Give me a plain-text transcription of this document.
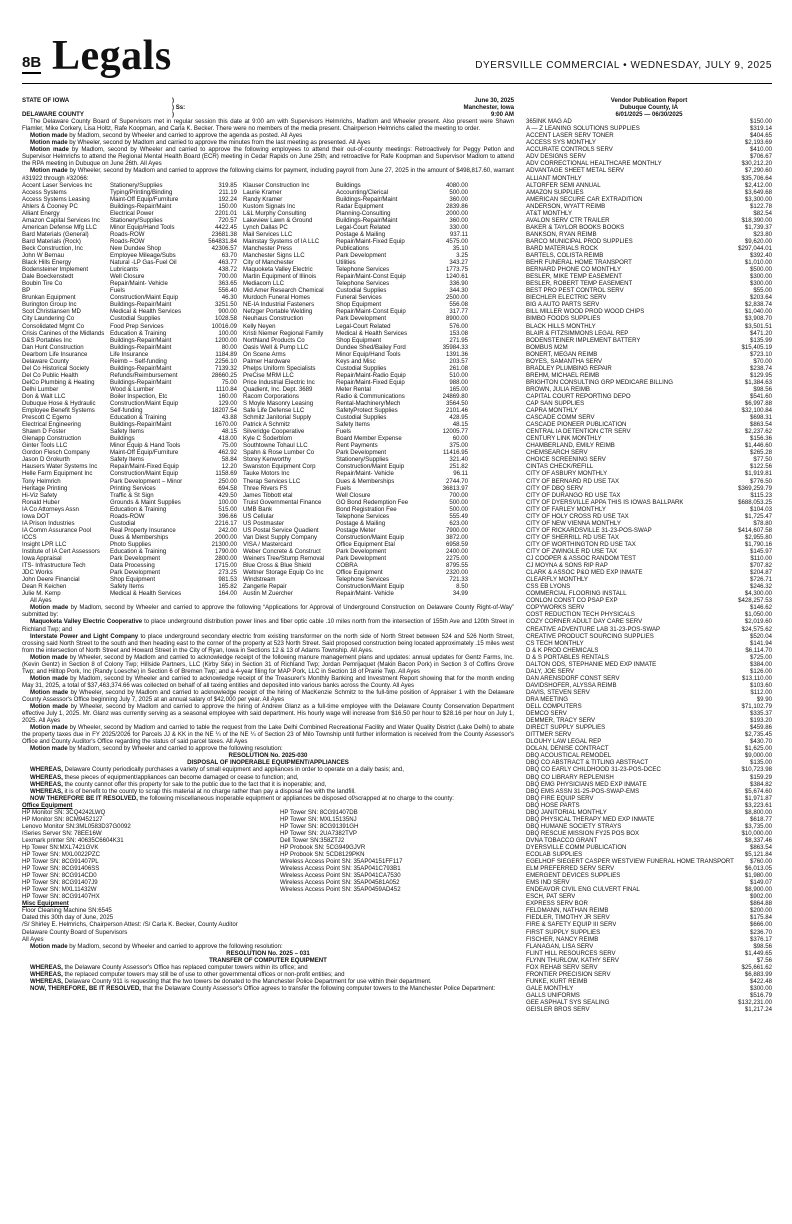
8B Legals	DYERSVILLE COMMERCIAL • WEDNESDAY, JULY 9, 2025
STATE OF IOWA	)	June 30, 2025
) Ss:	Manchester, Iowa
DELAWARE COUNTY	)	9:00 AM

The Delaware County Board of Supervisors met in regular session this date at 9:00 am with Supervisors Helmrichs, Madlom and Wheeler present. Also present were Shawn Flamler, Mike Corkery, Lisa Holtz, Rafe Koopman, and Carla K. Becker. There were no members of the media present. Chairperson Helmrichs called the meeting to order.

Motion made by Madlom, second by Wheeler and carried to approve the agenda as posted. All Ayes

Motion made by Wheeler, second by Madlom and carried to approve the minutes from the last meeting as presented. All Ayes

Motion made by Madlom, second by Wheeler and carried to approve the following employees to attend their out-of-county meetings: Retroactively for Peggy Petlon and Supervisor Helmrichs to attend the Regional Mental Health Board (ECR) meeting in Cedar Rapids on June 25th; and retroactive for Rafe Koopman and Supervisor Madlom to attend the RPA meeting in Dubuque on June 26th. All Ayes

Motion made by Wheeler, second by Madlom and carried to approve the following claims for payment, including payroll from June 27, 2025 in the amount of $498,817.60, warrant #31922 through #32066:

Accent Laser Services Inc	Stationery/Supplies	319.85 Klauser Construction Inc	Buildings	4080.00
Access Systems	Typing/Printing/Binding	211.19 Laurie Kramer	Accounting/Clerical	500.00
Access Systems Leasing	Maint-Off Equip/Furniture	192.24 Randy Kramer	Buildings-Repair/Maint	360.00
Ahlers & Cooney PC	Buildings-Repair/Maint	150.00 Kustom Signals Inc	Radar Equipment	2839.86
Alliant Energy	Electrical Power	2201.01 L&L Murphy Consulting	Planning-Consulting	2000.00
Amazon Capital Services Inc	Stationery/Supplies	720.57 Lakeview Lawn & Ground	Buildings-Repair/Maint	360.00
American Defense Mfg LLC	Minor Equip/Hand Tools	4422.45 Lynch Dallas PC	Legal-Court Related	330.00
Bard Materials (General)	Roads-ROW	23681.38 Mail Services LLC	Postage & Mailing	937.11
Bard Materials (Rock)	Roads-ROW	564831.84 Mainstay Systems of IA LLC	Repair/Maint-Fixed Equip	4575.00
Beck Construction, Inc	New Dundee Shop	42306.57 Manchester Press	Publications	35.10
John W Bernau	Employee Mileage/Subs	63.70 Manchester Signs LLC	Park Development	3.25
Black Hills Energy	Natural -LP Gas-Fuel Oil	463.77 City of Manchester	Utilities	343.27
Bodensteiner Implement	Lubricants	438.72 Maquoketa Valley Electric	Telephone Services	1773.75
Dale Boeckenstedt	Well Closure	700.00 Martin Equipment of Illinois	Repair/Maint-Const Equip	1240.61
Boubin Tire Co	Repair/Maint- Vehicle	363.65 Mediacom LLC	Telephone Services	336.90
BP	Fuels	556.40 Mid Amer Research Chemical	Custodial Supplies	344.30
Brunkan Equipment	Construction/Maint Equip	46.30 Murdoch Funeral Homes	Funeral Services	2500.00
Burington Group Inc	Buildings-Repair/Maint	3251.50 NE-IA Industrial Fasteners	Shop Equipment	556.08
Scot Christiansen MD	Medical & Health Services	900.00 Nefzger Portable Welding	Repair/Maint-Const Equip	317.77
City Laundering Co	Custodial Supplies	1028.58 Neuhaus Construction	Park Development	8900.00
Consolidated Mgmt Co	Food Prep Services	10016.09 Kelly Neyen	Legal-Court Related	576.00
Crisis Canines of the Midlands Education & Training	100.00 Kristi Niemer Regional Family	Medical & Health Services	153.08
D&S Portables Inc	Buildings-Repair/Maint	1200.00 Northland Products Co	Shop Equipment	271.95
Dan Hunt Construction	Buildings-Repair/Maint	80.00 Oasis Well & Pump LLC	Dundee Shed/Bailey Ford	35984.33
Dearborn Life Insurance	Life Insurance	1184.89 On Scene Arms	Minor Equip/Hand Tools	1391.36
Delaware County	Reimb – Self-funding	2256.10 Palmer Hardware	Keys and Misc	203.57
Del Co Historical Society	Buildings-Repair/Maint	7139.32 Phelps Uniform Specialists	Custodial Supplies	261.08
Del Co Public Health	Refunds/Reimbursement	28660.25 PreCise MRM LLC	Repair/Maint-Radio Equip	510.00
DelCo Plumbing & Heating	Buildings-Repair/Maint	75.00 Price Industrial Electric Inc	Repair/Maint-Fixed Equip	988.00
Delhi Lumber	Wood & Lumber	1110.84 Quadient, Inc. Dept. 3689	Meter Rental	165.00
Don & Walt LLC	Boiler Inspection, Etc	160.00 Racom Corporations	Radio & Communications	24869.80
Dubuque Hose & Hydraulic	Construction/Maint Equip	129.00 S Moyle Masonry Leasing	Rental-Machinery/Mech	3564.50
Employee Benefit Systems	Self-funding	18207.54 Safe Life Defense LLC	SafetyProtect Supplies	2101.46
Prescott C Egemo	Education & Training	43.88 Schmitz Janitorial Supply	Custodial Supplies	428.95
Electrical Engineering	Buildings-Repair/Maint	1670.00 Patrick A Schmitz	Safety Items	48.15
Shawn D Foster	Safety Items	48.15 Silveridge Cooperative	Fuels	12005.77
Glenapp Construction	Buildings	418.00 Kyle C Soderblom	Board Member Expense	60.00
Ginter Tools LLC	Minor Equip & Hand Tools	75.00 Southtowne Tohaul LLC	Rent Payments	375.00
Gordon Flesch Company	Maint-Off Equip/Furniture	462.92 Spahn & Rose Lumber Co	Park Development	11416.95
Jason D Grokurth	Safety Items	58.84 Storey Kenworthy	Stationery/Supplies	321.40
Hausers Water Systems Inc	Repair/Maint-Fixed Equip	12.20 Swanston Equipment Corp	Construction/Maint Equip	251.82
Helle Farm Equipment Inc	Construction/Maint Equip	1158.69 Tauke Motors Inc	Repair/Maint- Vehicle	96.11
Tony Helmrich	Park Development – Minor	250.00 Therap Services LLC	Dues & Memberships	2744.70
Heritage Printing	Printing Services	694.58 Three Rivers FS	Fuels	36813.97
Hi-Viz Safety	Traffic & St Sign	429.50 James Tibbott etal	Well Closure	700.00
Ronald Huber	Grounds & Maint Supplies	100.00 Truist Governmental Finance	GO Bond Redemption Fee	500.00
IA Co Attorneys Assn	Education & Training	515.00 UMB Bank	Bond Registration Fee	500.00
Iowa DOT	Roads-ROW	396.66 US Cellular	Telephone Services	555.49
IA Prison Industries	Custodial	2216.17 US Postmaster	Postage & Mailing	623.00
IA Comm Assurance Pool	Real Property Insurance	242.00 US Postal Service Quadient	Postage Meter	7900.00
ICCS	Dues & Memberships	2000.00 Van Diest Supply Company	Construction/Maint Equip	3872.00
Insight LPR LLC	Photo Supplies	21300.00 VISA / Mastercard	Office Equipment Etal	6958.59
Institute of IA Cert Assessors	Education & Training	1790.00 Weber Concrete & Construct	Park Development	2400.00
Iowa Appraisal	Park Development	2800.00 Weiners Tree/Stump Removal	Park Development	2275.00
ITS- Infrastructure Tech	Data Processing	1715.00 Blue Cross & Blue Shield	COBRA	8795.55
JDC Works	Park Development	273.25 Weltner Storage Equip Co Inc	Office Equipment	2320.00
John Deere Financial	Shop Equipment	981.53 Windstream	Telephone Services	721.33
Dean R Keichen	Safety Items	165.82 Zangerle Repair	Construction/Maint Equip	8.50
Julie M. Kemp	Medical & Health Services	164.00 Austin M Zuercher	Repair/Maint- Vehicle	34.99
All Ayes

Motion made by Madlom, second by Wheeler and carried to approve the following “Applications for Approval of Underground Construction on Delaware County Right-of-Way” submitted by:

Maquoketa Valley Electric Cooperative to place underground distribution power lines and fiber optic cable .10 miles north from the intersection of 155th Ave and 120th Street in Richland Twp; and

Interstate Power and Light Company to place underground secondary electric from existing transformer on the north side of North Street between 524 and 526 North Street, crossing said North Street to the south and then heading east to the corner of the property at 523 North Street. Said proposed construction being located approximately .15 miles west from the intersection of North Street and Howard Street in the City of Ryan, Iowa in Sections 12 & 13 of Adams Township. All Ayes.

Motion made by Wheeler, second by Madlom and carried to acknowledge receipt of the following manure management plans and updates: annual updates for Gentz Farms, Inc. (Kevin Gentz) in Section 8 of Colony Twp; Hillside Partners, LLC (Kirby Site) in Section 31 of Richland Twp; Jordan Pemrijaquet (Makin Bacon Pork) in Section 3 of Coffins Grove Twp; and Hilltop Pork, Inc (Randy Loesche) in Section 6 of Bremen Twp; and a 4-year filing for MAP Pork, LLC in Section 18 of Prairie Twp. All Ayes

Motion made by Madlom, second by Wheeler and carried to acknowledge receipt of the Treasurer's Monthly Banking and Investment Report showing that for the month ending May 31, 2025, a total of $37,463,374.66 was collected on behalf of all taxing entities and deposited into various banks across the County. All Ayes

Motion made by Wheeler, second by Madlom and carried to acknowledge receipt of the hiring of MacKenzie Schmitz to the full-time position of Appraiser 1 with the Delaware County Assessor's Office beginning July 7, 2025 at an annual salary of $42,000 per year. All Ayes

Motion made by Wheeler, second by Madlom and carried to approve the hiring of Andrew Glanz as a full-time employee with the Delaware County Conservation Department effective July 1, 2025. Mr. Glanz was currently serving as a seasonal employee with said department. His hourly wage will increase from $16.50 per hour to $28.16 per hour on July 1, 2025. All Ayes

Motion made by Wheeler, second by Madlom and carried to table the request from the Lake Delhi Combined Recreational Facility and Water Quality District (Lake Delhi) to abate the property taxes due in FY 2025/2026 for Parcels JJ & KK in the NE ¼ of the NE ¼ of Section 23 of Milo Township until further information is received from the County Assessor's Office and County Auditor's Office regarding the status of said parcel taxes. All Ayes

Motion made by Madlom, second by Wheeler and carried to approve the following resolution:

RESOLUTION No. 2025-030
DISPOSAL OF INOPERABLE EQUIPMENT/APPLIANCES

WHEREAS, Delaware County periodically purchases a variety of small equipment and appliances in order to operate on a daily basis; and,

WHEREAS, these pieces of equipment/appliances can become damaged or cease to function; and,

WHEREAS, the county cannot offer this property for sale to the public due to the fact that it is inoperable; and,

WHEREAS, it is of benefit to the county to scrap this material at no charge rather than pay a disposal fee with the landfill.

NOW THEREFORE BE IT RESOLVED, the following miscellaneous inoperable equipment or appliances be disposed of/scrapped at no charge to the county:

Office Equipment
HP Monitor SN: 3CQ4242LWQ
HP Monitor SN: 8CM9452127
Lenovo Monitor SN:3ML0583D37G0092
ISeries Server SN: 78EE16W
Lexmark printer SN: 40635C6604K31
Hp Tower SN:MXL7421GVK
HP Tower SN: MXL0022PZC
HP Tower SN: 8CG91407PL
HP Tower SN: 8CG91406SS
HP Tower SN: 8CG914CD0
HP Tower SN: 8CG91407J9
HP Tower SN: MXL11432W
HP Tower SN: 8CG91407HX
HP Tower SN: 8CG91407DB
HP Tower SN: MXL15135NJ
HP Tower SN: 8CG91391GH
HP Tower SN: 2UA7382TVP
Dell Tower SN:358ZTJ2
HP Probook SN: 5CG949GJVR
HP Probook SN: 5CD8129PKN
Wireless Access Point SN: 35AP04151FF117
Wireless Access Point SN: 35AP041C793B1
Wireless Access Point SN: 35AP041CA7530
Wireless Access Point SN: 35AP04581A052
Wireless Access Point SN: 35AP0459AD452
Misc Equipment
Floor Cleaning Machine SN:6545
Dated this 30th day of June, 2025
/S/ Shirley E. Helmrichs, Chairperson Attest: /S/ Carla K. Becker, County Auditor
Delaware County Board of Supervisors
All Ayes

Motion made by Madlom, second by Wheeler and carried to approve the following resolution:

RESOLUTION No. 2025 – 031
TRANSFER OF COMPUTER EQUIPMENT

WHEREAS, the Delaware County Assessor's Office has replaced computer towers within its office; and

WHEREAS, the replaced computer towers may still be of use to other governmental offices or non-profit entities; and

WHEREAS, Delaware County 911 is requesting that the two towers be donated to the Manchester Police Department for use within their department.

NOW, THEREFORE, BE IT RESOLVED, that the Delaware County Assessor's Office agrees to transfer the following computer towers to the Manchester Police Department:

Vendor Publication Report
Dubuque County, IA
6/01/2025 — 06/30/2025
365INK MAG AD	$150.00
A — Z LEANING SOLUTIONS SUPPLIES	$319.14
ACCENT LASER SERV TONER	$404.65
ACCESS SYS MONTHLY	$2,193.69
ACCURATE CONTROLS SERV	$410.00
ADV DESIGNS SERV	$706.67
ADV CORRECTIONAL HEALTHCARE MONTHLY	$30,212.20
ADVANTAGE SHEET METAL SERV	$7,290.60
ALLIANT MONTHLY	$35,706.64
ALTORFER SEMI ANNUAL	$2,412.00
AMAZON SUPPLIES	$3,649.68
AMERICAN SECURE CAR EXTRADITION	$3,300.00
ANDERSON, WYATT REIMB	$122.78
AT&T MONTHLY	$82.54
AVALON SERV CTR TRAILER	$18,390.00
BAKER & TAYLOR BOOKS BOOKS	$1,739.37
BANKSON, RYAN REIMB	$23.80
BARCO MUNICIPAL PROD SUPPLIES	$9,620.00
BARD MATERIALS ROCK	$297,044.01
BARTELS, COLISTA REIMB	$392.40
BEHR FUNERAL HOME TRANSPORT	$1,010.00
BERNARD PHONE CO MONTHLY	$500.00
BESLER, MIKE TEMP EASEMENT	$300.00
BESLER, ROBERT TEMP EASEMENT	$300.00
BEST PRO PEST CONTROL SERV	$55.00
BIECHLER ELECTRIC SERV	$203.64
BIG A AUTO PARTS SERV	$2,838.74
BILL MILLER WOOD PROD WOOD CHIPS	$1,040.00
BIMBO FOODS SUPPLIES	$3,908.70
BLACK HILLS MONTHLY	$3,501.51
BLAIR & FITZSIMMONS LEGAL REP	$471.20
BODENSTEINER IMPLEMENT BATTERY	$135.99
BOMBUS M2M	$15,405.19
BONERT, MEGAN REIMB	$723.10
BOYES, SAMANTHA SERV	$70.00
BRADLEY PLUMBING REPAIR	$238.74
BREHM, MICHAEL REIMB	$129.95
BRIGHTON CONSULTING GRP MEDICARE BILLING	$1,384.63
BROWN, JULIA REIMB	$98.56
CAPITAL COURT REPORTING DEPO	$541.60
CAP SAN SUPPLIES	$6,997.88
CAPRA MONTHLY	$32,100.84
CASCADE COMM SERV	$698.31
CASCADE PIONEER PUBLICATION	$863.54
CENTRAL IA DETENTION CTR SERV	$2,237.62
CENTURY LINK MONTHLY	$156.36
CHAMBERLAND, EMILY REIMB	$1,446.60
CHEMSEARCH SERV	$265.28
CHOICE SCREENING SERV	$77.50
CINTAS CHECK/REFILL	$122.56
CITY OF ASBURY MONTHLY	$1,919.81
CITY OF BERNARD RD USE TAX	$776.50
CITY OF DBQ SERV	$369,259.79
CITY OF DURANGO RD USE TAX	$115.23
CITY OF DYERSVILLE APPA THIS IS IOWAS BALLPARK	$688,053.25
CITY OF FARLEY MONTHLY	$104.03
CITY OF HOLY CROSS RD USE TAX	$1,725.47
CITY OF NEW VIENNA MONTHLY	$78.80
CITY OF RICKARDSVILLE 31-23-POS-SWAP	$414,607.58
CITY OF SHERRILL RD USE TAX	$2,955.80
CITY OF WORTHINGTON RD USE TAX	$1,790.16
CITY OF ZWINGLE RD USE TAX	$145.97
CJ COOPER & ASSOC RANDOM TEST	$110.00
CJ MOYNA & SONS RIP RAP	$707.82
CLARK & ASSOC P&O MED EXP INMATE	$204.87
CLEARFLY MONTHLY	$726.71
CSS EB LYONS	$246.32
COMMERCIAL FLOORING INSTALL	$4,300.00
CONLON CONST CO PSAP EXP	$428,257.53
COPYWORKS SERV	$146.62
COST REDUCTION TECH PHYSICALS	$1,050.00
COZY CORNER ADULT DAY CARE SERV	$2,019.60
CREATIVE ADVENTURE LAB 31-23-POS-SWAP	$24,575.62
CREATIVE PRODUCT SOURCING SUPPLIES	$520.04
CS TECH MONTHLY	$141.94
D & K PROD CHEMICALS	$6,114.70
D & S PORTABLES RENTALS	$725.00
DALTON ODS, STEPHANIE MED EXP INMATE	$384.00
DALY, JOE SERV	$126.00
DAN ARENSDORF CONST SERV	$13,110.00
DAVIDSHOFER, ALYSSA REIMB	$103.60
DAVIS, STEVEN SERV	$112.00
DRA MEETING	$9.90
DELL COMPUTERS	$71,102.79
DEMCO SERV	$335.37
DEMMER, TRACY SERV	$193.20
DIRECT SUPPLY SUPPLIES	$459.86
DITTMER SERV	$2,735.45
DLOUHY LAW LEGAL REP	$430.70
DOLAN, DENISE CONTRACT	$1,625.00
DBQ ACOUSTICAL REMODEL	$9,000.00
DBQ CO ABSTRACT & TITLING ABSTRACT	$135.00
DBQ CO EARLY CHILDHOOD 31-23-POS-DCEC	$10,723.98
DBQ CO LIBRARY REPLENISH	$159.29
DBQ EMG PHYSICIANS MED EXP INMATE	$384.82
DBQ EMS ASSN 31-25-POS-SWAP-EMS	$5,674.60
DBQ FIRE EQUIP SERV	$1,971.87
DBQ HOSE PARTS	$3,223.61
DBQ JANITORIAL MONTHLY	$8,800.00
DBQ PHYSICAL THERAPY MED EXP INMATE	$618.77
DBQ HUMANE SOCIETY STRAYS	$3,735.00
DBQ RESCUE MISSION FY25 POS BOX	$10,000.00
DVNA TOBACCO GRANT	$8,337.46
DYERSVILLE COMM PUBLICATION	$863.54
ECOLAB SUPPLIES	$5,121.84
EGELHOF SIEGERT CASPER WESTVIEW FUNERAL HOME TRANSPORT	$760.00
ELM PREFERRED SERV SERV	$6,013.05
EMERGENT DEVICES SUPPLIES	$1,980.00
EMS IND SERV	$149.07
ENDEAVOR CIVIL ENG CULVERT FINAL	$8,900.00
ESCH, PAT SERV	$902.00
EXPRESS SERV BOR	$864.88
FELDMANN, NATHAN REIMB	$200.00
FIEDLER, TIMOTHY JR SERV	$175.84
FIRE & SAFETY EQUIP III SERV	$666.00
FIRST SUPPLY SUPPLIES	$236.70
FISCHER, NANCY REIMB	$376.17
FLANAGAN, LISA SERV	$98.56
FLINT HILL RESOURCES SERV	$1,449.65
FLYNN THURLOW, KATHY SERV	$7.56
FOX REHAB SERV SERV	$25,661.62
FRONTIER PRECISION SERV	$6,883.99
FUNKE, KURT REIMB	$422.48
GALE MONTHLY	$300.00
GALLS UNIFORMS	$516.79
GEE ASPHALT SYS SEALING	$132,231.00
GEISLER BROS SERV	$1,217.24
